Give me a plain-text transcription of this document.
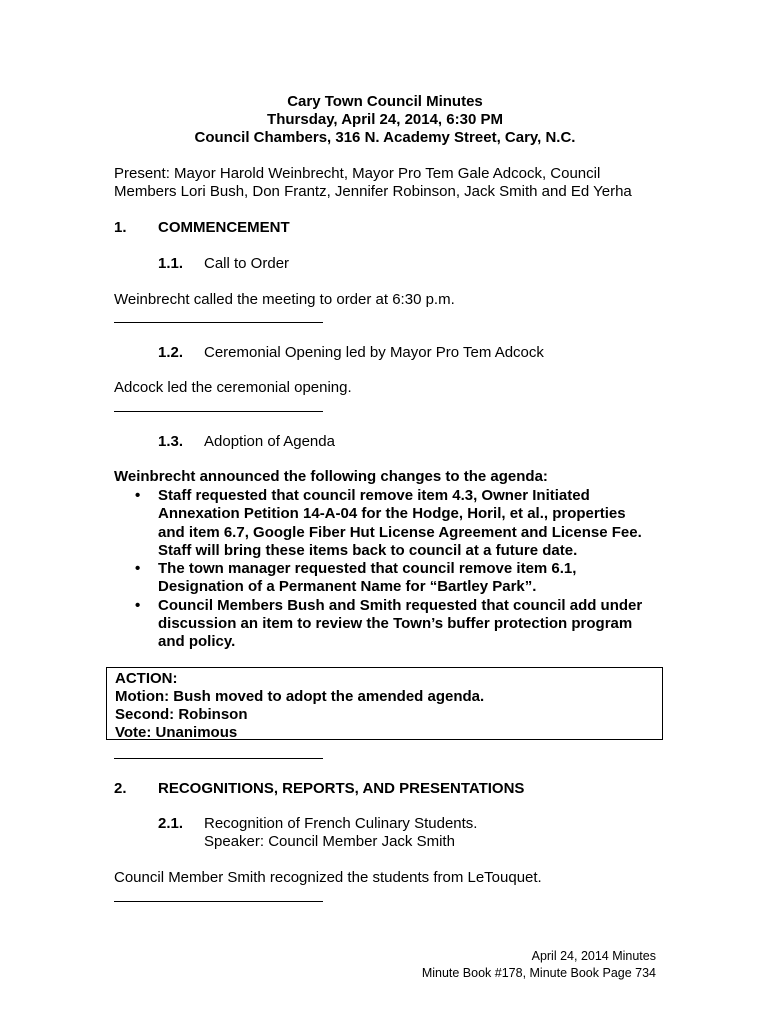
Cary Town Council Minutes
Thursday, April 24, 2014, 6:30 PM
Council Chambers, 316 N. Academy Street, Cary, N.C.
Present: Mayor Harold Weinbrecht, Mayor Pro Tem Gale Adcock, Council
Members Lori Bush, Don Frantz, Jennifer Robinson, Jack Smith and Ed Yerha
1. COMMENCEMENT
1.1. Call to Order
Weinbrecht called the meeting to order at 6:30 p.m.
1.2. Ceremonial Opening led by Mayor Pro Tem Adcock
Adcock led the ceremonial opening.
1.3. Adoption of Agenda
Weinbrecht announced the following changes to the agenda:
• Staff requested that council remove item 4.3, Owner Initiated
Annexation Petition 14-A-04 for the Hodge, Horil, et al., properties
and item 6.7, Google Fiber Hut License Agreement and License Fee.
Staff will bring these items back to council at a future date.
• The town manager requested that council remove item 6.1,
Designation of a Permanent Name for “Bartley Park”.
• Council Members Bush and Smith requested that council add under
discussion an item to review the Town’s buffer protection program
and policy.
ACTION:
Motion: Bush moved to adopt the amended agenda.
Second: Robinson
Vote: Unanimous
2. RECOGNITIONS, REPORTS, AND PRESENTATIONS
2.1. Recognition of French Culinary Students.
Speaker: Council Member Jack Smith
Council Member Smith recognized the students from LeTouquet.
April 24, 2014 Minutes
Minute Book #178, Minute Book Page 734
